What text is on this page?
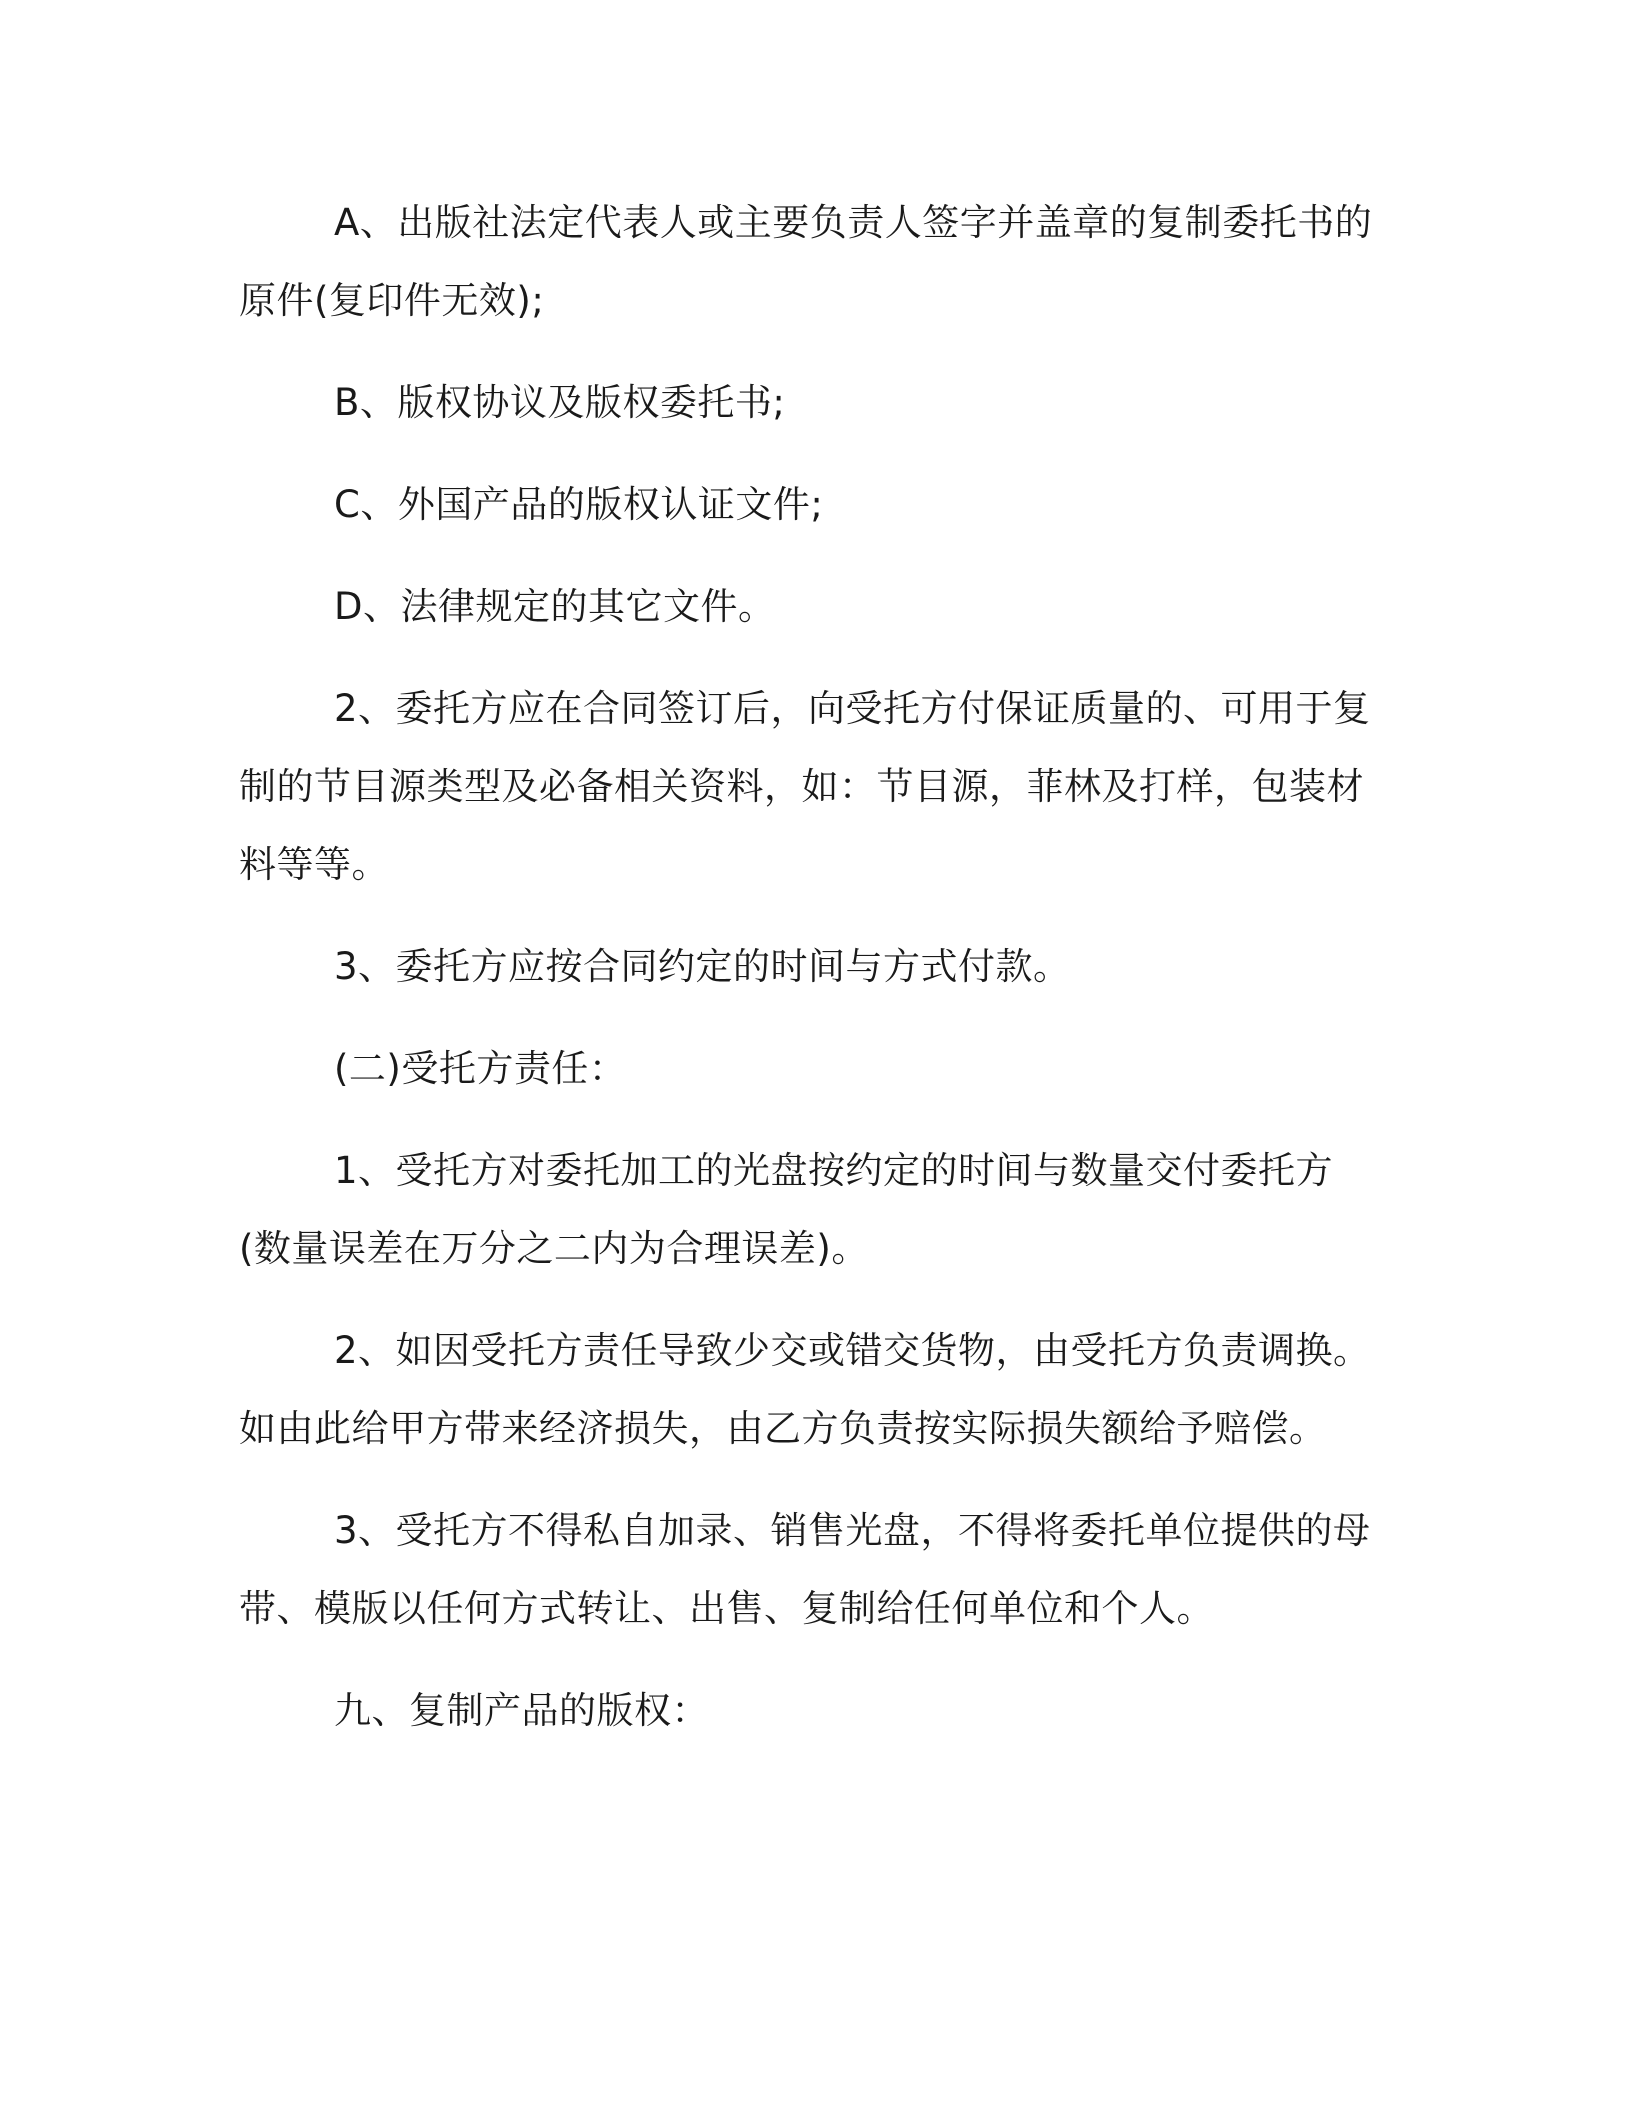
A、出版社法定代表人或主要负责人签字并盖章的复制委托书的原件(复印件无效);

B、版权协议及版权委托书;

C、外国产品的版权认证文件;

D、法律规定的其它文件。

2、委托方应在合同签订后，向受托方付保证质量的、可用于复制的节目源类型及必备相关资料，如：节目源，菲林及打样，包装材料等等。

3、委托方应按合同约定的时间与方式付款。

(二)受托方责任：

1、受托方对委托加工的光盘按约定的时间与数量交付委托方(数量误差在万分之二内为合理误差)。

2、如因受托方责任导致少交或错交货物，由受托方负责调换。如由此给甲方带来经济损失，由乙方负责按实际损失额给予赔偿。

3、受托方不得私自加录、销售光盘，不得将委托单位提供的母带、模版以任何方式转让、出售、复制给任何单位和个人。

九、复制产品的版权：
